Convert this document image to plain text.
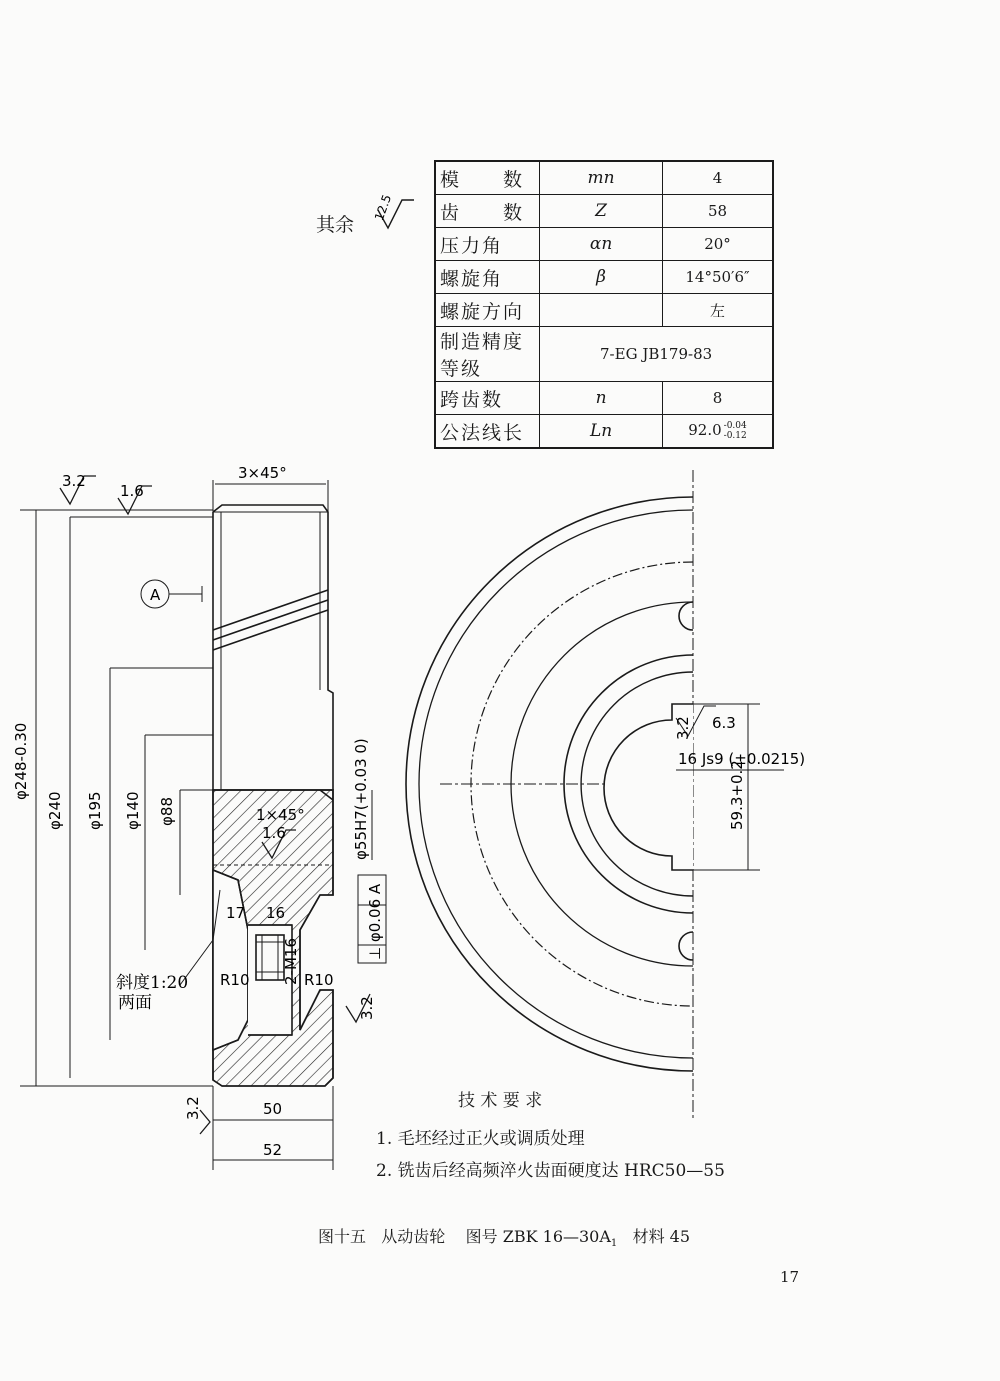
模　　数	mn	4
齿　　数	Z	58
压力角	αn	20°
螺旋角	β	14°50′6″
螺旋方向		左
制造精度等级	7-EG JB179-83	
跨齿数	n	8
公法线长	Ln	92.0 -0.04
-0.12
其余
12.5
φ248-0.30
φ240 φ195 φ140 φ88	φ55H7(+0.03 0)
⊥ φ0.06 A
3×45°
1×45°
3.2
1.6
1.6
3.2
3.2
A
17 16
2-M16
R10	R10
斜度1:20
两面
50
52
3.2 6.3
16 Js9 (±0.0215)
59.3+0.2
技 术 要 求
1. 毛坯经过正火或调质处理
2. 铣齿后经高频淬火齿面硬度达 HRC50—55
图十五 从动齿轮 图号 ZBK $16—30A_1$ 材料 45
17
